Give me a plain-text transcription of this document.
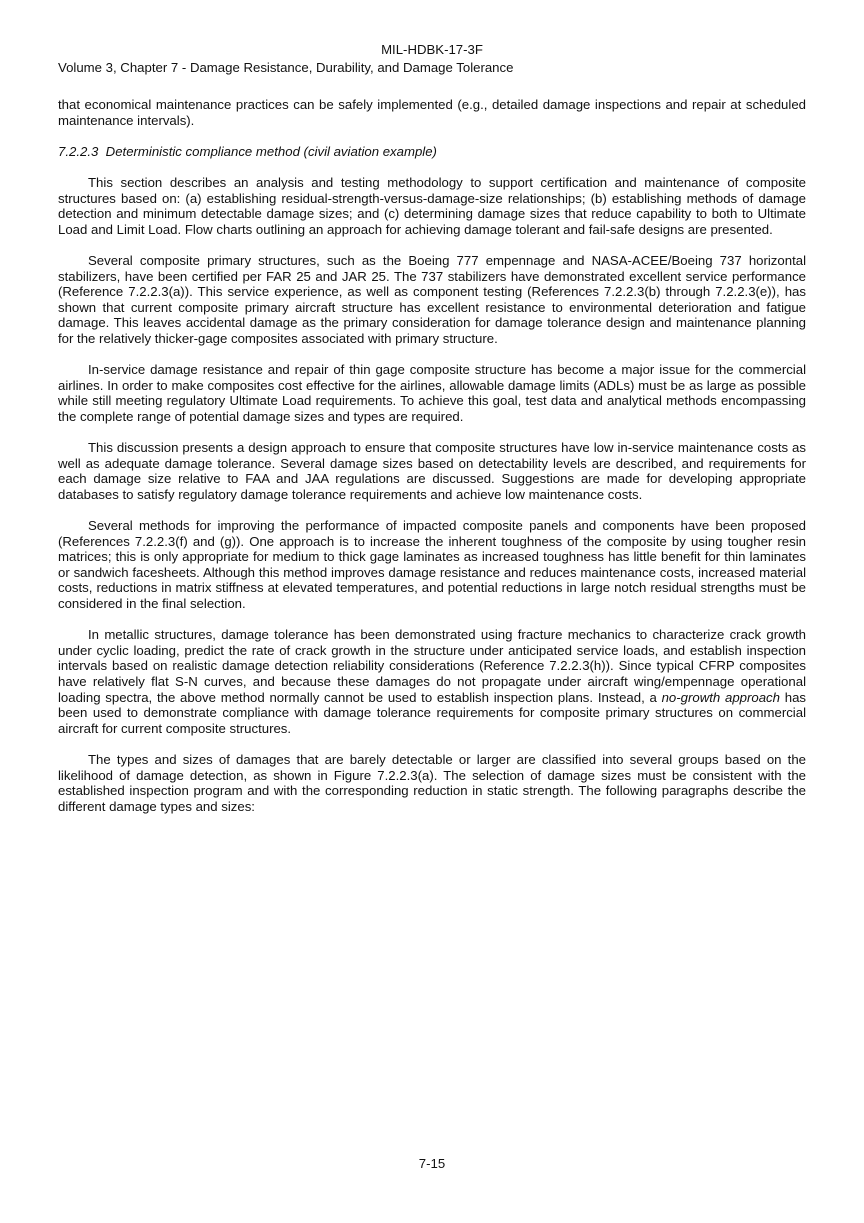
MIL-HDBK-17-3F
Volume 3, Chapter 7 - Damage Resistance, Durability, and Damage Tolerance

that economical maintenance practices can be safely implemented (e.g., detailed damage inspections and repair at scheduled maintenance intervals).

7.2.2.3 Deterministic compliance method (civil aviation example)

This section describes an analysis and testing methodology to support certification and maintenance of composite structures based on: (a) establishing residual-strength-versus-damage-size relationships; (b) establishing methods of damage detection and minimum detectable damage sizes; and (c) determining damage sizes that reduce capability to both to Ultimate Load and Limit Load. Flow charts outlining an approach for achieving damage tolerant and fail-safe designs are presented.

Several composite primary structures, such as the Boeing 777 empennage and NASA-ACEE/Boeing 737 horizontal stabilizers, have been certified per FAR 25 and JAR 25. The 737 stabilizers have demonstrated excellent service performance (Reference 7.2.2.3(a)). This service experience, as well as component testing (References 7.2.2.3(b) through 7.2.2.3(e)), has shown that current composite primary aircraft structure has excellent resistance to environmental deterioration and fatigue damage. This leaves accidental damage as the primary consideration for damage tolerance design and maintenance planning for the relatively thicker-gage composites associated with primary structure.

In-service damage resistance and repair of thin gage composite structure has become a major issue for the commercial airlines. In order to make composites cost effective for the airlines, allowable damage limits (ADLs) must be as large as possible while still meeting regulatory Ultimate Load requirements. To achieve this goal, test data and analytical methods encompassing the complete range of potential damage sizes and types are required.

This discussion presents a design approach to ensure that composite structures have low in-service maintenance costs as well as adequate damage tolerance. Several damage sizes based on detectability levels are described, and requirements for each damage size relative to FAA and JAA regulations are discussed. Suggestions are made for developing appropriate databases to satisfy regulatory damage tolerance requirements and achieve low maintenance costs.

Several methods for improving the performance of impacted composite panels and components have been proposed (References 7.2.2.3(f) and (g)). One approach is to increase the inherent toughness of the composite by using tougher resin matrices; this is only appropriate for medium to thick gage laminates as increased toughness has little benefit for thin laminates or sandwich facesheets. Although this method improves damage resistance and reduces maintenance costs, increased material costs, reductions in matrix stiffness at elevated temperatures, and potential reductions in large notch residual strengths must be considered in the final selection.

In metallic structures, damage tolerance has been demonstrated using fracture mechanics to characterize crack growth under cyclic loading, predict the rate of crack growth in the structure under anticipated service loads, and establish inspection intervals based on realistic damage detection reliability considerations (Reference 7.2.2.3(h)). Since typical CFRP composites have relatively flat S-N curves, and because these damages do not propagate under aircraft wing/empennage operational loading spectra, the above method normally cannot be used to establish inspection plans. Instead, a no-growth approach has been used to demonstrate compliance with damage tolerance requirements for composite primary structures on commercial aircraft for current composite structures.

The types and sizes of damages that are barely detectable or larger are classified into several groups based on the likelihood of damage detection, as shown in Figure 7.2.2.3(a). The selection of damage sizes must be consistent with the established inspection program and with the corresponding reduction in static strength. The following paragraphs describe the different damage types and sizes:

7-15
